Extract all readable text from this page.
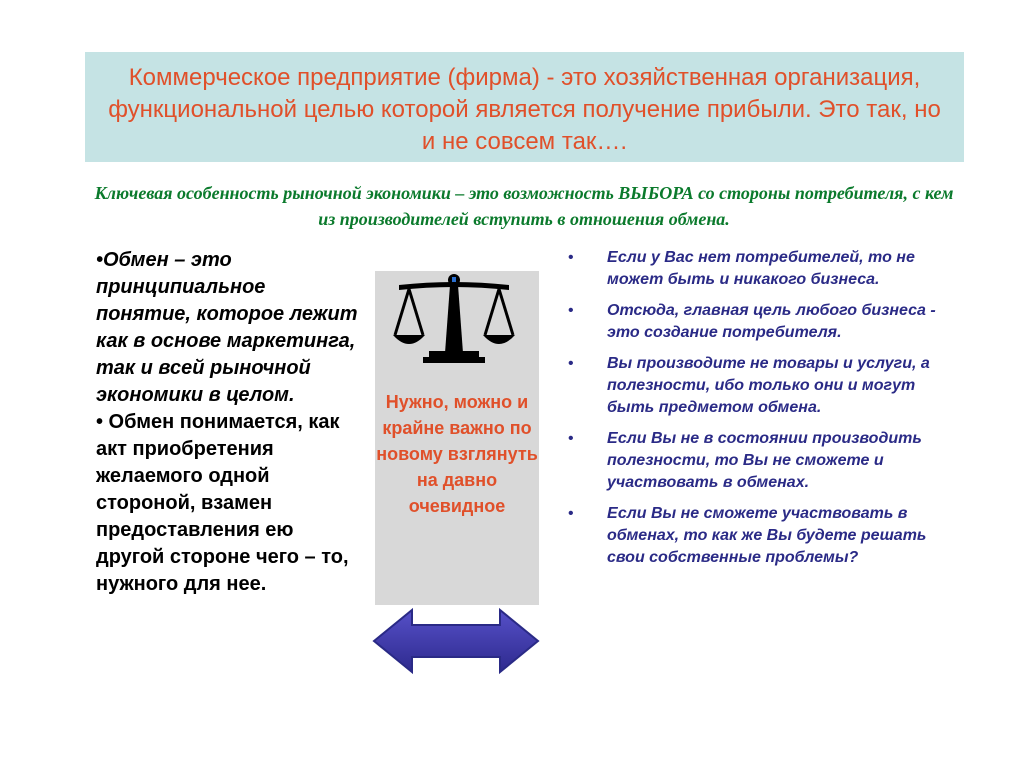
Коммерческое предприятие (фирма) - это хозяйственная организация, функциональной целью которой является получение прибыли. Это так, но и не совсем так….

Ключевая особенность рыночной экономики – это возможность ВЫБОРА со стороны потребителя, с кем из производителей вступить в отношения обмена.

•Обмен – это принципиальное понятие, которое лежит как в основе маркетинга, так и всей рыночной экономики в целом.

• Обмен понимается, как акт приобретения желаемого одной стороной, взамен предоставления ею другой стороне чего – то, нужного для нее.

Нужно, можно и крайне важно по новому взглянуть на давно очевидное

• Если у Вас нет потребителей, то не может быть и никакого бизнеса.
• Отсюда, главная цель любого бизнеса - это создание потребителя.
• Вы производите не товары и услуги, а полезности, ибо только они и могут быть предметом обмена.
• Если Вы не в состоянии производить полезности, то Вы не сможете и участвовать в обменах.
• Если Вы не сможете участвовать в обменах, то как же Вы будете решать свои собственные проблемы?
